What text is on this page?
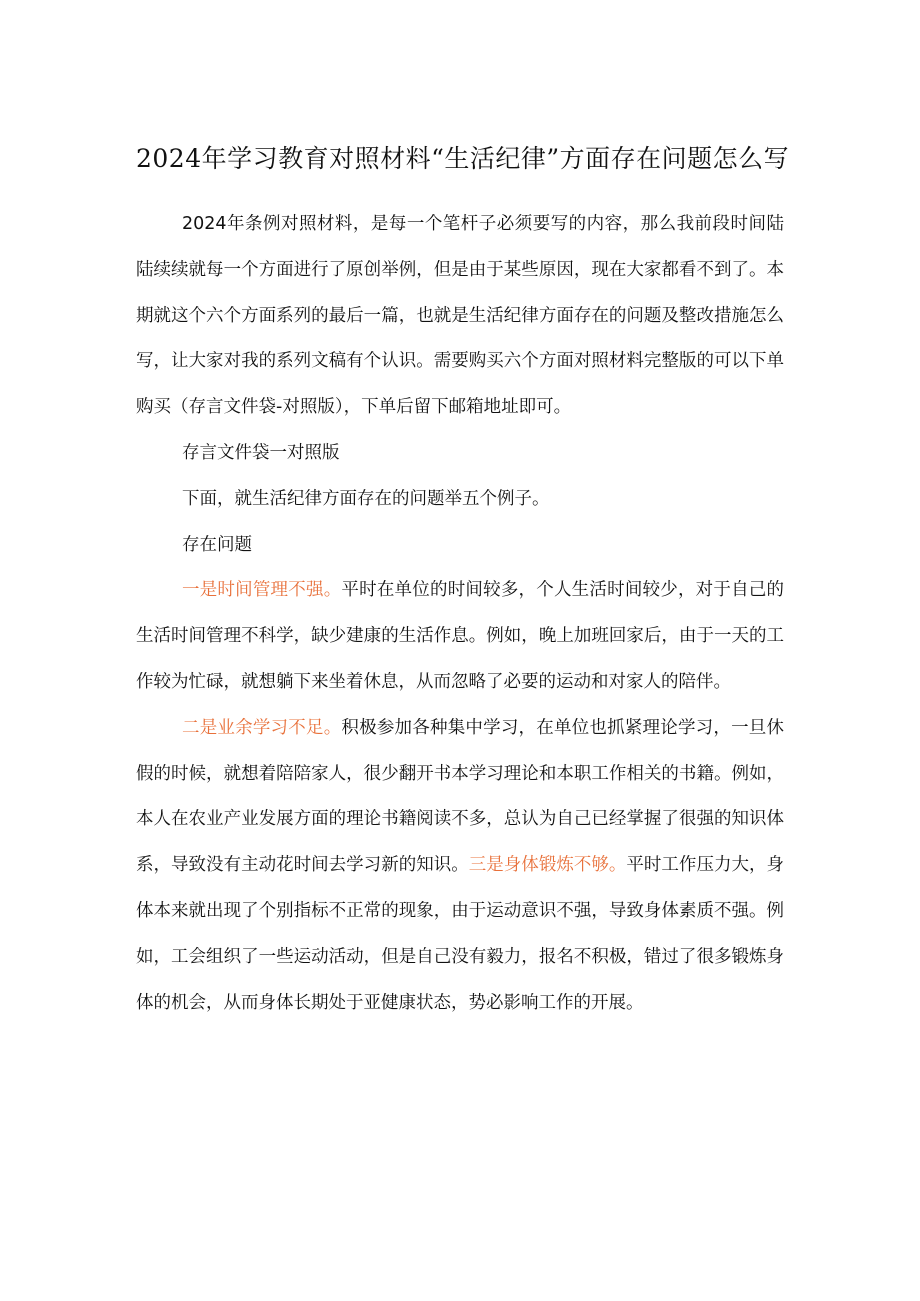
2024年学习教育对照材料“生活纪律”方面存在问题怎么写

2024年条例对照材料，是每一个笔杆子必须要写的内容，那么我前段时间陆陆续续就每一个方面进行了原创举例，但是由于某些原因，现在大家都看不到了。本期就这个六个方面系列的最后一篇，也就是生活纪律方面存在的问题及整改措施怎么写，让大家对我的系列文稿有个认识。需要购买六个方面对照材料完整版的可以下单购买（存言文件袋-对照版），下单后留下邮箱地址即可。

存言文件袋一对照版

下面，就生活纪律方面存在的问题举五个例子。

存在问题

一是时间管理不强。平时在单位的时间较多，个人生活时间较少，对于自己的生活时间管理不科学，缺少建康的生活作息。例如，晚上加班回家后，由于一天的工作较为忙碌，就想躺下来坐着休息，从而忽略了必要的运动和对家人的陪伴。

二是业余学习不足。积极参加各种集中学习，在单位也抓紧理论学习，一旦休假的时候，就想着陪陪家人，很少翻开书本学习理论和本职工作相关的书籍。例如，本人在农业产业发展方面的理论书籍阅读不多，总认为自己已经掌握了很强的知识体系，导致没有主动花时间去学习新的知识。三是身体锻炼不够。平时工作压力大，身体本来就出现了个别指标不正常的现象，由于运动意识不强，导致身体素质不强。例如，工会组织了一些运动活动，但是自己没有毅力，报名不积极，错过了很多锻炼身体的机会，从而身体长期处于亚健康状态，势必影响工作的开展。
